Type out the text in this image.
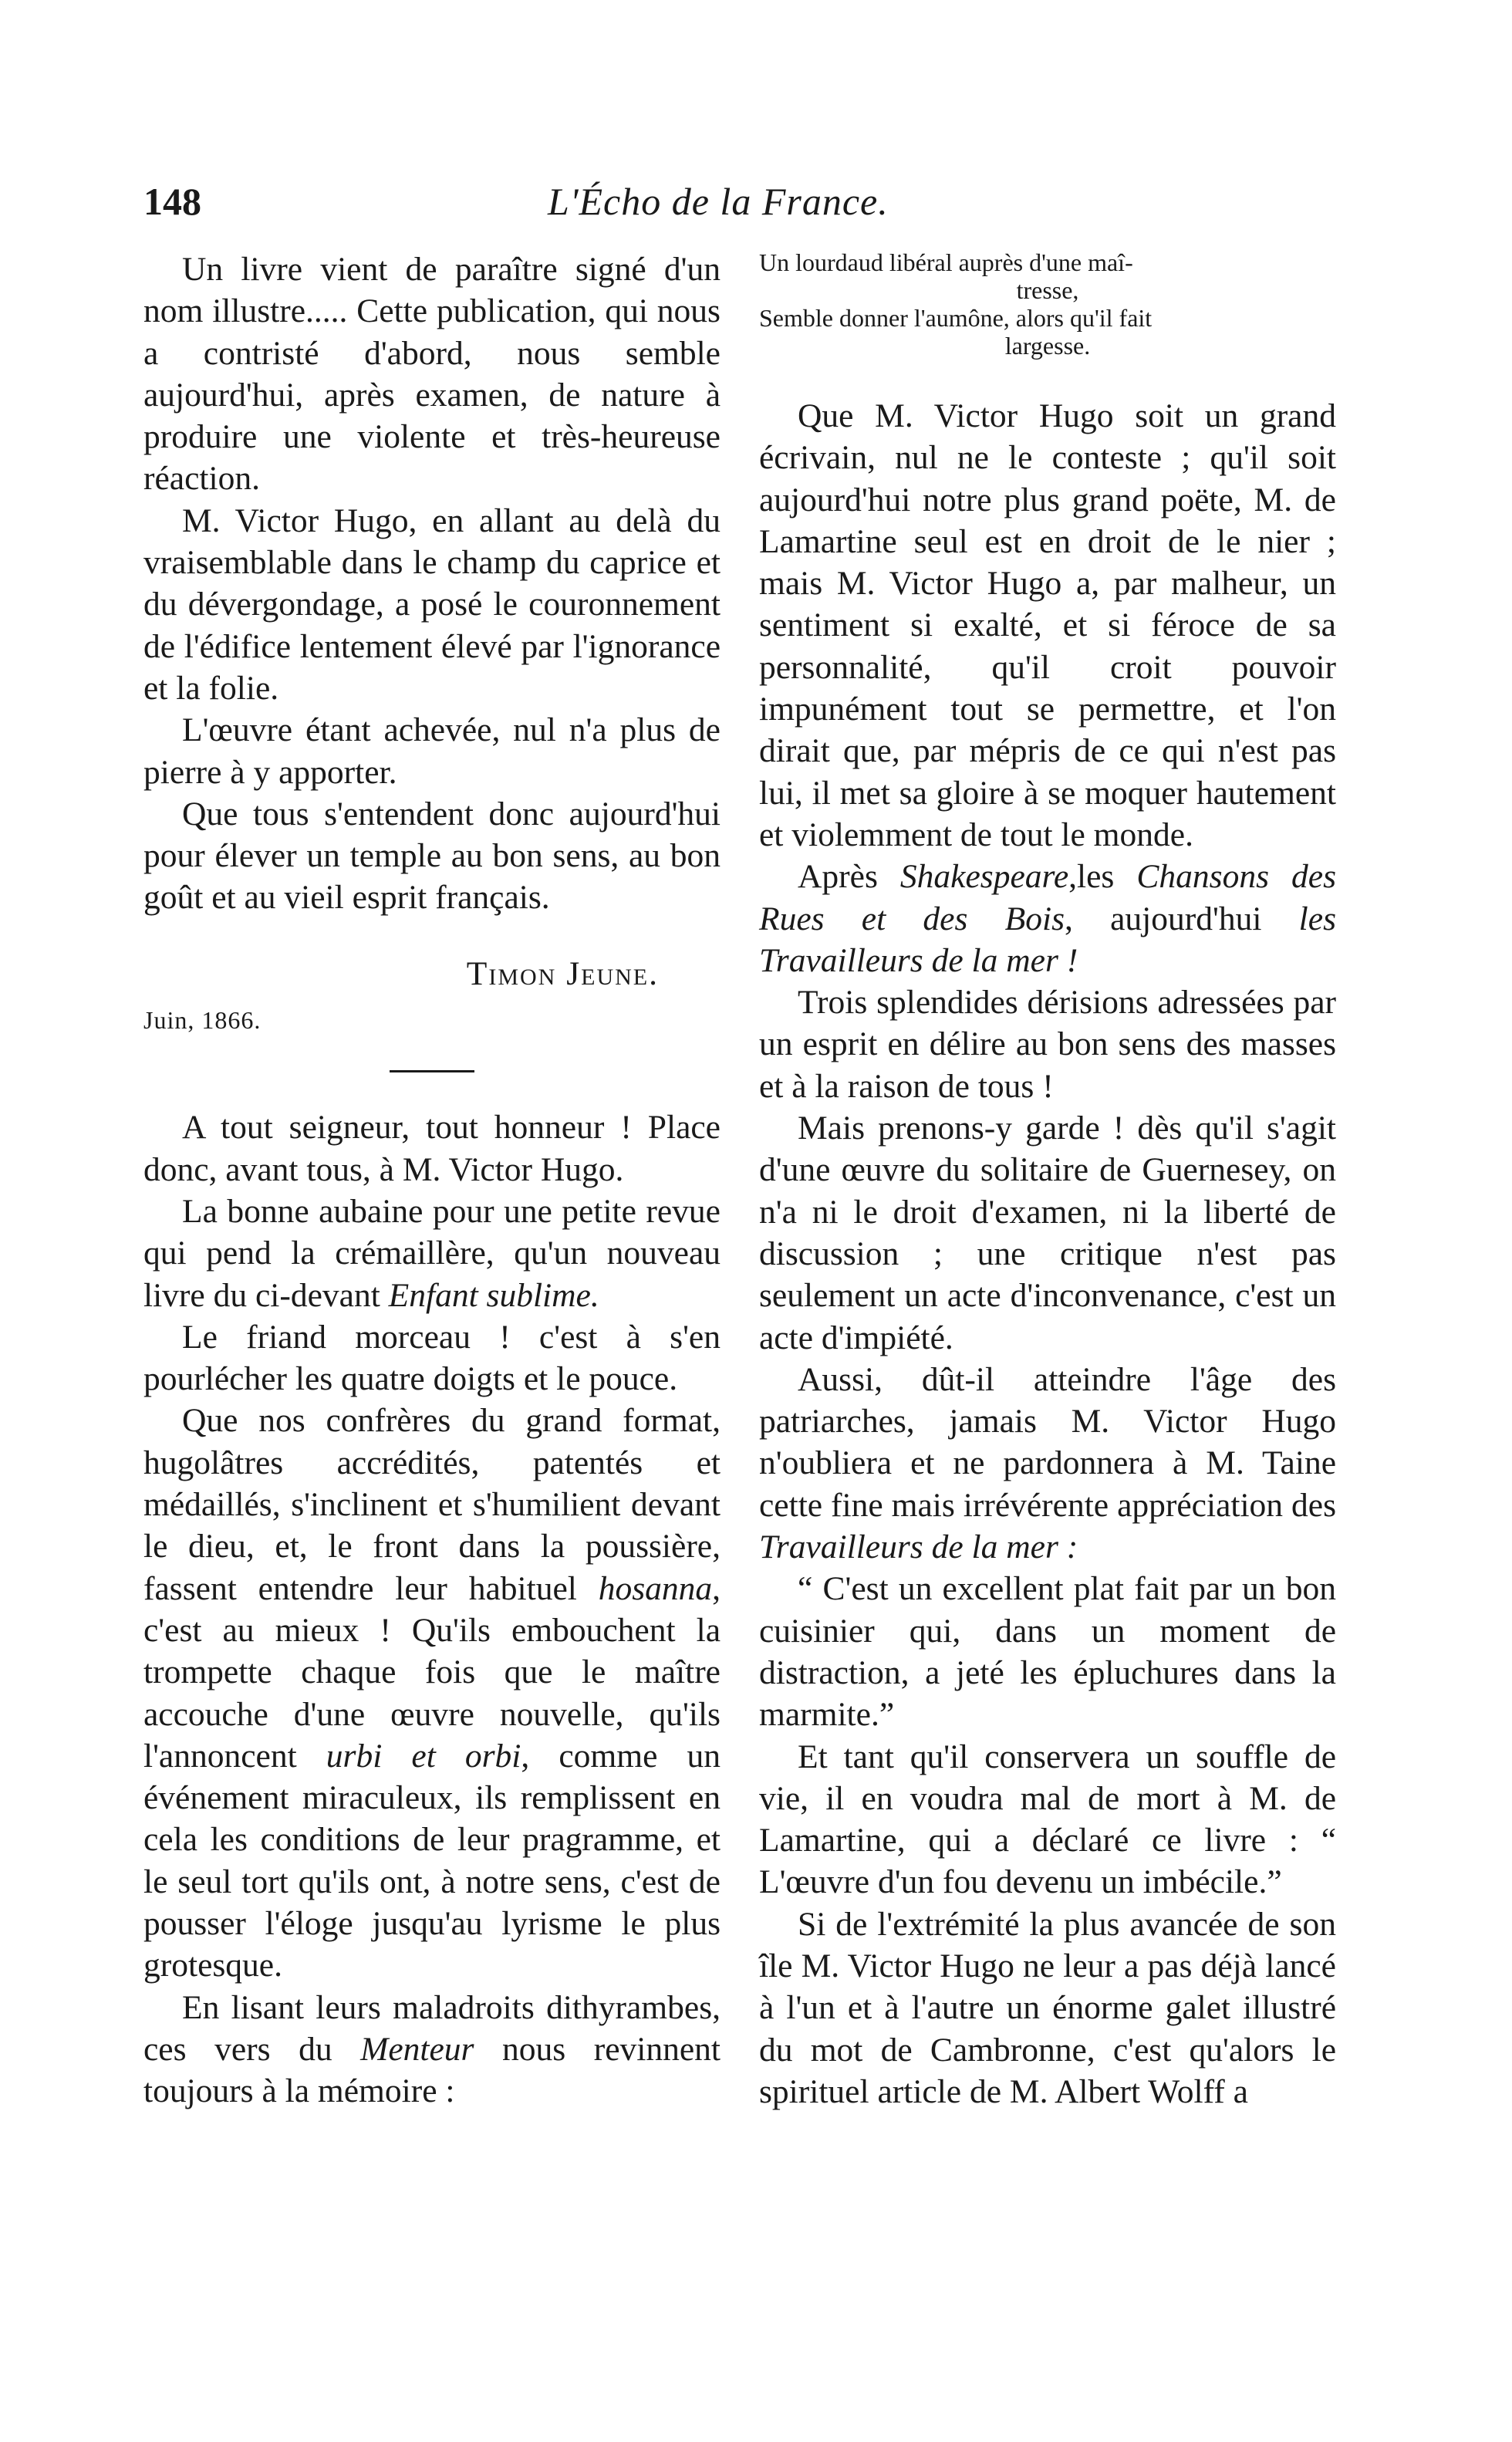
148	L'Écho de la France.

Un livre vient de paraître signé d'un nom illustre..... Cette publication, qui nous a contristé d'abord, nous semble aujourd'hui, après examen, de nature à produire une violente et très-heureuse réaction.

M. Victor Hugo, en allant au delà du vraisemblable dans le champ du caprice et du dévergondage, a posé le couronnement de l'édifice lentement élevé par l'ignorance et la folie.

L'œuvre étant achevée, nul n'a plus de pierre à y apporter.

Que tous s'entendent donc aujourd'hui pour élever un temple au bon sens, au bon goût et au vieil esprit français.

Timon Jeune.

Juin, 1866.

A tout seigneur, tout honneur ! Place donc, avant tous, à M. Victor Hugo.

La bonne aubaine pour une petite revue qui pend la crémaillère, qu'un nouveau livre du ci-devant Enfant sublime.

Le friand morceau ! c'est à s'en pourlécher les quatre doigts et le pouce.

Que nos confrères du grand format, hugolâtres accrédités, patentés et médaillés, s'inclinent et s'humilient devant le dieu, et, le front dans la poussière, fassent entendre leur habituel hosanna, c'est au mieux ! Qu'ils embouchent la trompette chaque fois que le maître accouche d'une œuvre nouvelle, qu'ils l'annoncent urbi et orbi, comme un événement miraculeux, ils remplissent en cela les conditions de leur pragramme, et le seul tort qu'ils ont, à notre sens, c'est de pousser l'éloge jusqu'au lyrisme le plus grotesque.

En lisant leurs maladroits dithyrambes, ces vers du Menteur nous revinnent toujours à la mémoire :

Un lourdaud libéral auprès d'une maî-
tresse,
Semble donner l'aumône, alors qu'il fait
largesse.

Que M. Victor Hugo soit un grand écrivain, nul ne le conteste ; qu'il soit aujourd'hui notre plus grand poëte, M. de Lamartine seul est en droit de le nier ; mais M. Victor Hugo a, par malheur, un sentiment si exalté, et si féroce de sa personnalité, qu'il croit pouvoir impunément tout se permettre, et l'on dirait que, par mépris de ce qui n'est pas lui, il met sa gloire à se moquer hautement et violemment de tout le monde.

Après Shakespeare,les Chansons des Rues et des Bois, aujourd'hui les Travailleurs de la mer !

Trois splendides dérisions adressées par un esprit en délire au bon sens des masses et à la raison de tous !

Mais prenons-y garde ! dès qu'il s'agit d'une œuvre du solitaire de Guernesey, on n'a ni le droit d'examen, ni la liberté de discussion ; une critique n'est pas seulement un acte d'inconvenance, c'est un acte d'impiété.

Aussi, dût-il atteindre l'âge des patriarches, jamais M. Victor Hugo n'oubliera et ne pardonnera à M. Taine cette fine mais irrévérente appréciation des Travailleurs de la mer :

“ C'est un excellent plat fait par un bon cuisinier qui, dans un moment de distraction, a jeté les épluchures dans la marmite.”

Et tant qu'il conservera un souffle de vie, il en voudra mal de mort à M. de Lamartine, qui a déclaré ce livre : “ L'œuvre d'un fou devenu un imbécile.”

Si de l'extrémité la plus avancée de son île M. Victor Hugo ne leur a pas déjà lancé à l'un et à l'autre un énorme galet illustré du mot de Cambronne, c'est qu'alors le spirituel article de M. Albert Wolff a
